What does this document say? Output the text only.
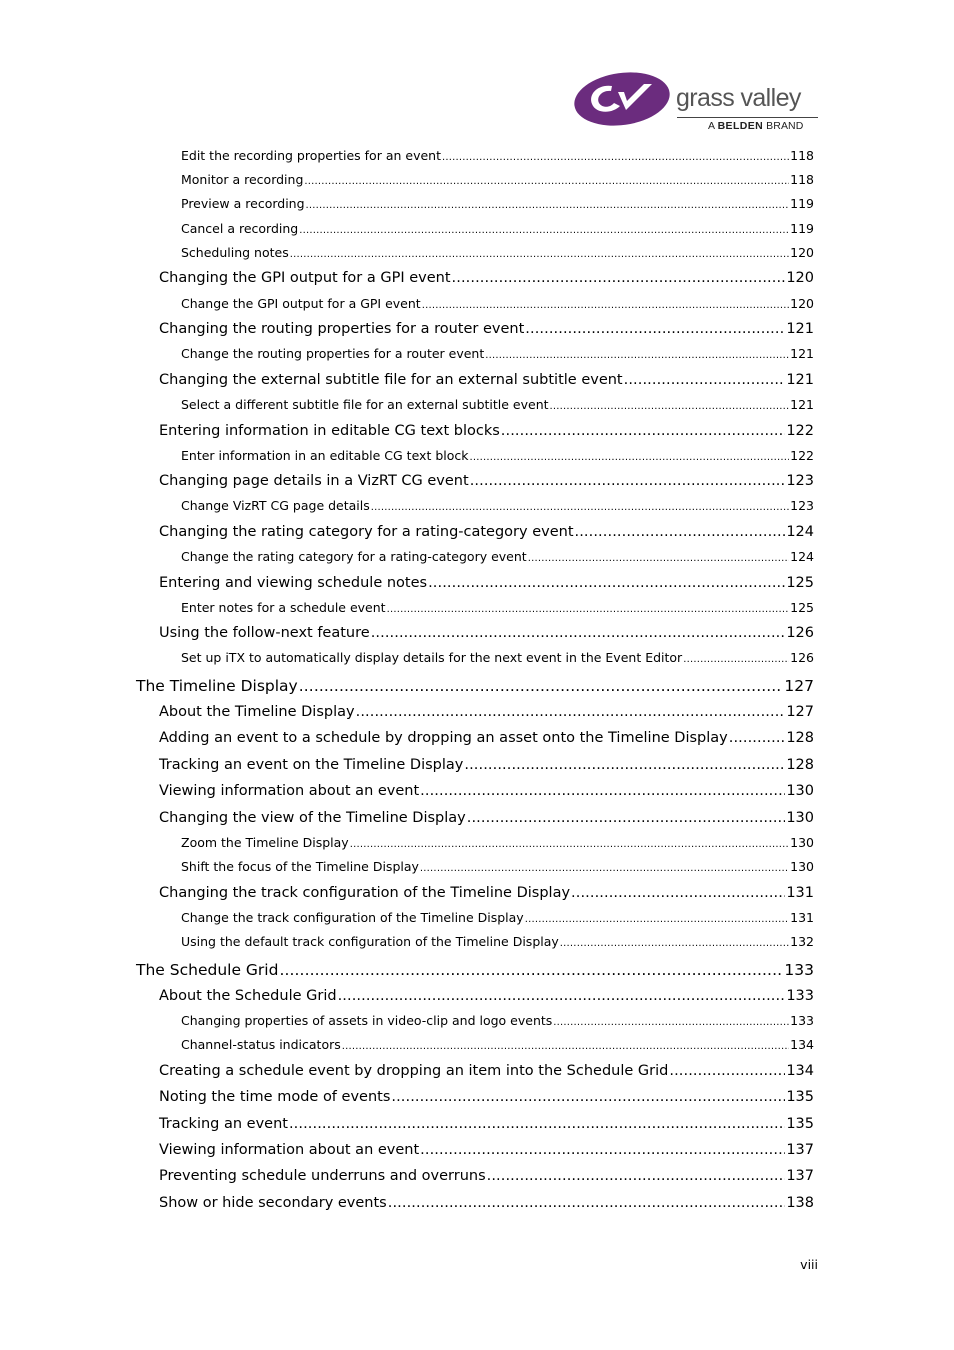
grass valley
A BELDEN BRAND
Edit the recording properties for an event .....	118
Monitor a recording .....	118
Preview a recording .....	119
Cancel a recording .....	119
Scheduling notes .....	120
Changing the GPI output for a GPI event .....	120
Change the GPI output for a GPI event .....	120
Changing the routing properties for a router event .....	121
Change the routing properties for a router event .....	121
Changing the external subtitle file for an external subtitle event .....	121
Select a different subtitle file for an external subtitle event .....	121
Entering information in editable CG text blocks .....	122
Enter information in an editable CG text block .....	122
Changing page details in a VizRT CG event .....	123
Change VizRT CG page details .....	123
Changing the rating category for a rating-category event .....	124
Change the rating category for a rating-category event .....	124
Entering and viewing schedule notes .....	125
Enter notes for a schedule event .....	125
Using the follow-next feature .....	126
Set up iTX to automatically display details for the next event in the Event Editor .....	126
The Timeline Display .....	127
About the Timeline Display .....	127
Adding an event to a schedule by dropping an asset onto the Timeline Display .....	128
Tracking an event on the Timeline Display .....	128
Viewing information about an event .....	130
Changing the view of the Timeline Display .....	130
Zoom the Timeline Display .....	130
Shift the focus of the Timeline Display .....	130
Changing the track configuration of the Timeline Display .....	131
Change the track configuration of the Timeline Display .....	131
Using the default track configuration of the Timeline Display .....	132
The Schedule Grid .....	133
About the Schedule Grid .....	133
Changing properties of assets in video-clip and logo events .....	133
Channel-status indicators .....	134
Creating a schedule event by dropping an item into the Schedule Grid .....	134
Noting the time mode of events .....	135
Tracking an event .....	135
Viewing information about an event .....	137
Preventing schedule underruns and overruns .....	137
Show or hide secondary events .....	138
viii
